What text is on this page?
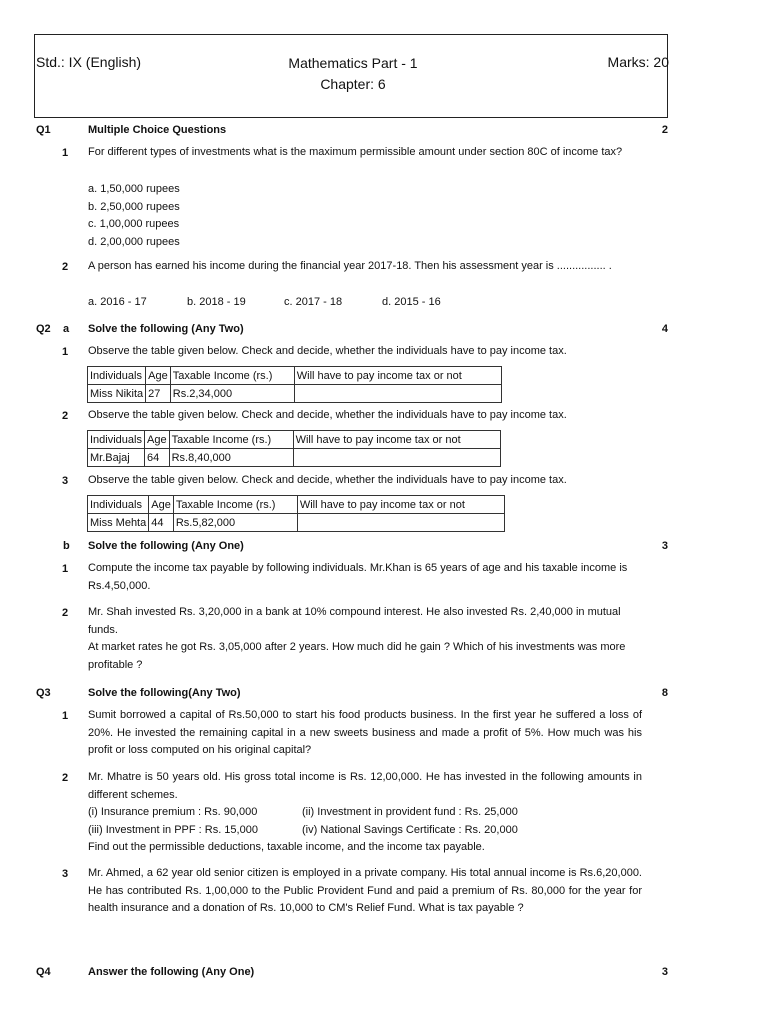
Std.: IX (English)	Mathematics Part - 1
Chapter: 6
Marks: 20
Q1	Multiple Choice Questions	2
1 For different types of investments what is the maximum permissible amount under section 80C of income tax?
a. 1,50,000 rupees
b. 2,50,000 rupees
c. 1,00,000 rupees
d. 2,00,000 rupees
2 A person has earned his income during the financial year 2017-18. Then his assessment year is ................ .
a. 2016 - 17	b. 2018 - 19	c. 2017 - 18	d. 2015 - 16
Q2 a Solve the following (Any Two)	4
1 Observe the table given below. Check and decide, whether the individuals have to pay income tax.
Individuals	Age	Taxable Income (rs.)	Will have to pay income tax or not
Miss Nikita	27	Rs.2,34,000	
2 Observe the table given below. Check and decide, whether the individuals have to pay income tax.
Individuals	Age	Taxable Income (rs.)	Will have to pay income tax or not
Mr.Bajaj	64	Rs.8,40,000	
3 Observe the table given below. Check and decide, whether the individuals have to pay income tax.
Individuals	Age	Taxable Income (rs.)	Will have to pay income tax or not
Miss Mehta	44	Rs.5,82,000	
b Solve the following (Any One)	3
1 Compute the income tax payable by following individuals. Mr.Khan is 65 years of age and his taxable income is Rs.4,50,000.
2 Mr. Shah invested Rs. 3,20,000 in a bank at 10% compound interest. He also invested Rs. 2,40,000 in mutual funds.
At market rates he got Rs. 3,05,000 after 2 years. How much did he gain ? Which of his investments was more profitable ?
Q3	Solve the following(Any Two)	8
1 Sumit borrowed a capital of Rs.50,000 to start his food products business. In the first year he suffered a loss of 20%. He invested the remaining capital in a new sweets business and made a profit of 5%. How much was his profit or loss computed on his original capital?
2 Mr. Mhatre is 50 years old. His gross total income is Rs. 12,00,000. He has invested in the following amounts in different schemes.
(i) Insurance premium : Rs. 90,000	(ii) Investment in provident fund : Rs. 25,000
(iii) Investment in PPF : Rs. 15,000	(iv) National Savings Certificate : Rs. 20,000
Find out the permissible deductions, taxable income, and the income tax payable.
3 Mr. Ahmed, a 62 year old senior citizen is employed in a private company. His total annual income is Rs.6,20,000. He has contributed Rs. 1,00,000 to the Public Provident Fund and paid a premium of Rs. 80,000 for the year for health insurance and a donation of Rs. 10,000 to CM's Relief Fund. What is tax payable ?
Q4	Answer the following (Any One)	3
